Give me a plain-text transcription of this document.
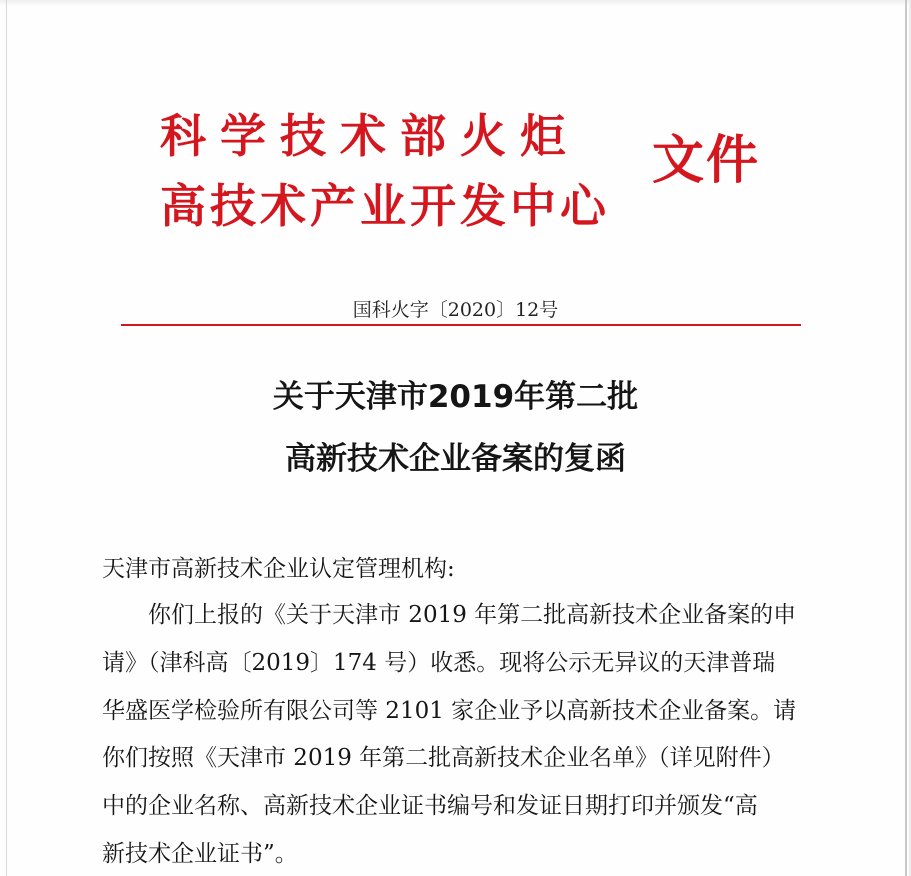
科学技术部火炬
高技术产业开发中心
文件
国科火字〔2020〕12号
关于天津市2019年第二批
高新技术企业备案的复函
天津市高新技术企业认定管理机构:
你们上报的《关于天津市 2019 年第二批高新技术企业备案的申
请》（津科高〔2019〕174 号）收悉。现将公示无异议的天津普瑞
华盛医学检验所有限公司等 2101 家企业予以高新技术企业备案。请
你们按照《天津市 2019 年第二批高新技术企业名单》（详见附件）
中的企业名称、高新技术企业证书编号和发证日期打印并颁发“高
新技术企业证书”。
